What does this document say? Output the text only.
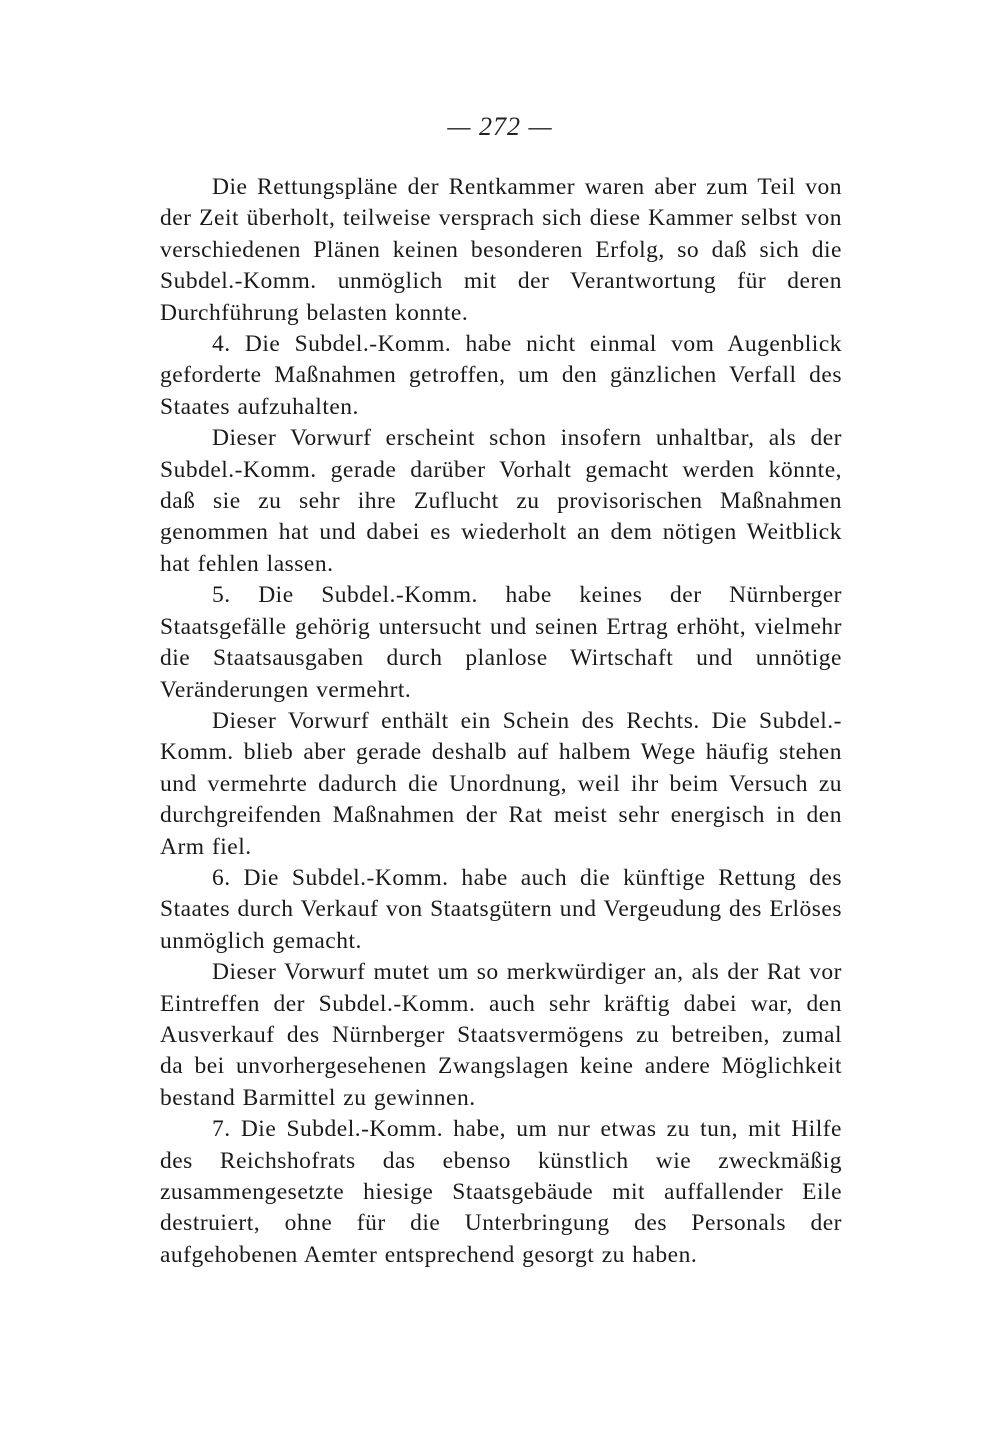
— 272 —

Die Rettungspläne der Rentkammer waren aber zum Teil von der Zeit überholt, teilweise versprach sich diese Kammer selbst von verschiedenen Plänen keinen besonderen Erfolg, so daß sich die Subdel.-Komm. unmöglich mit der Verantwortung für deren Durchführung belasten konnte.

4. Die Subdel.-Komm. habe nicht einmal vom Augenblick geforderte Maßnahmen getroffen, um den gänzlichen Verfall des Staates aufzuhalten.

Dieser Vorwurf erscheint schon insofern unhaltbar, als der Subdel.-Komm. gerade darüber Vorhalt gemacht werden könnte, daß sie zu sehr ihre Zuflucht zu provisorischen Maßnahmen genommen hat und dabei es wiederholt an dem nötigen Weitblick hat fehlen lassen.

5. Die Subdel.-Komm. habe keines der Nürnberger Staatsgefälle gehörig untersucht und seinen Ertrag erhöht, vielmehr die Staatsausgaben durch planlose Wirtschaft und unnötige Veränderungen vermehrt.

Dieser Vorwurf enthält ein Schein des Rechts. Die Subdel.-Komm. blieb aber gerade deshalb auf halbem Wege häufig stehen und vermehrte dadurch die Unordnung, weil ihr beim Versuch zu durchgreifenden Maßnahmen der Rat meist sehr energisch in den Arm fiel.

6. Die Subdel.-Komm. habe auch die künftige Rettung des Staates durch Verkauf von Staatsgütern und Vergeudung des Erlöses unmöglich gemacht.

Dieser Vorwurf mutet um so merkwürdiger an, als der Rat vor Eintreffen der Subdel.-Komm. auch sehr kräftig dabei war, den Ausverkauf des Nürnberger Staatsvermögens zu betreiben, zumal da bei unvorhergesehenen Zwangslagen keine andere Möglichkeit bestand Barmittel zu gewinnen.

7. Die Subdel.-Komm. habe, um nur etwas zu tun, mit Hilfe des Reichshofrats das ebenso künstlich wie zweckmäßig zusammengesetzte hiesige Staatsgebäude mit auffallender Eile destruiert, ohne für die Unterbringung des Personals der aufgehobenen Aemter entsprechend gesorgt zu haben.
